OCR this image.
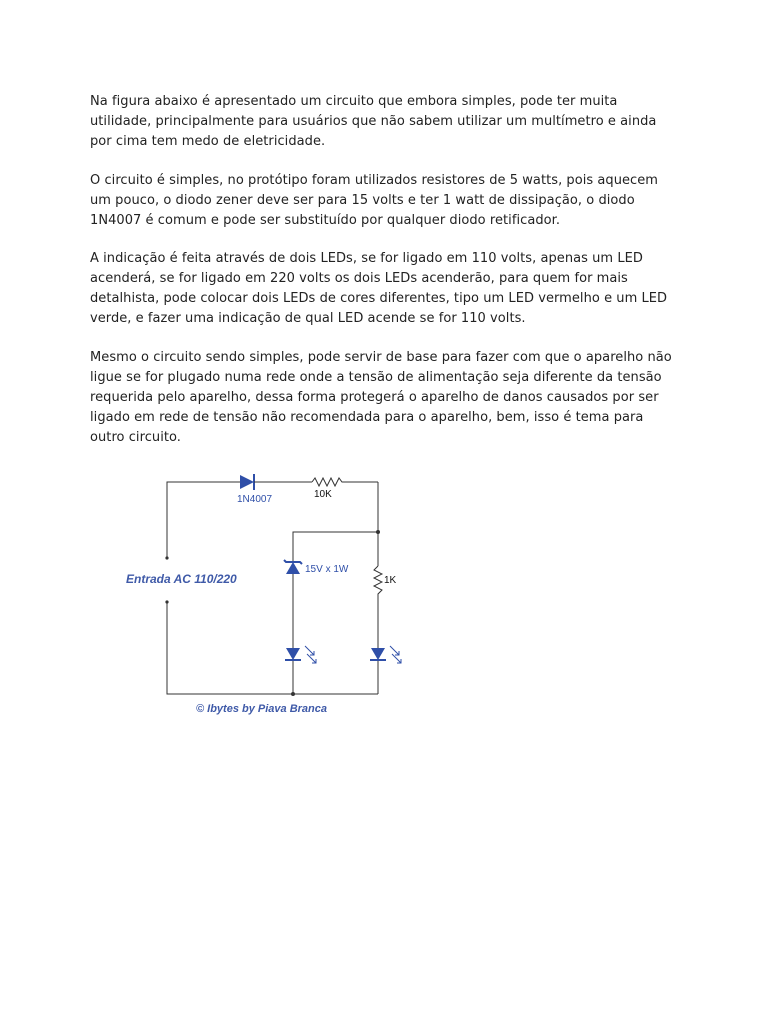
Na figura abaixo é apresentado um circuito que embora simples, pode ter muita
utilidade, principalmente para usuários que não sabem utilizar um multímetro e ainda
por cima tem medo de eletricidade.

O circuito é simples, no protótipo foram utilizados resistores de 5 watts, pois aquecem
um pouco, o diodo zener deve ser para 15 volts e ter 1 watt de dissipação, o diodo
1N4007 é comum e pode ser substituído por qualquer diodo retificador.

A indicação é feita através de dois LEDs, se for ligado em 110 volts, apenas um LED
acenderá, se for ligado em 220 volts os dois LEDs acenderão, para quem for mais
detalhista, pode colocar dois LEDs de cores diferentes, tipo um LED vermelho e um LED
verde, e fazer uma indicação de qual LED acende se for 110 volts.

Mesmo o circuito sendo simples, pode servir de base para fazer com que o aparelho não
ligue se for plugado numa rede onde a tensão de alimentação seja diferente da tensão
requerida pelo aparelho, dessa forma protegerá o aparelho de danos causados por ser
ligado em rede de tensão não recomendada para o aparelho, bem, isso é tema para
outro circuito.

1N4007	10K
15V x 1W
1K
Entrada AC 110/220
© Ibytes by Piava Branca
